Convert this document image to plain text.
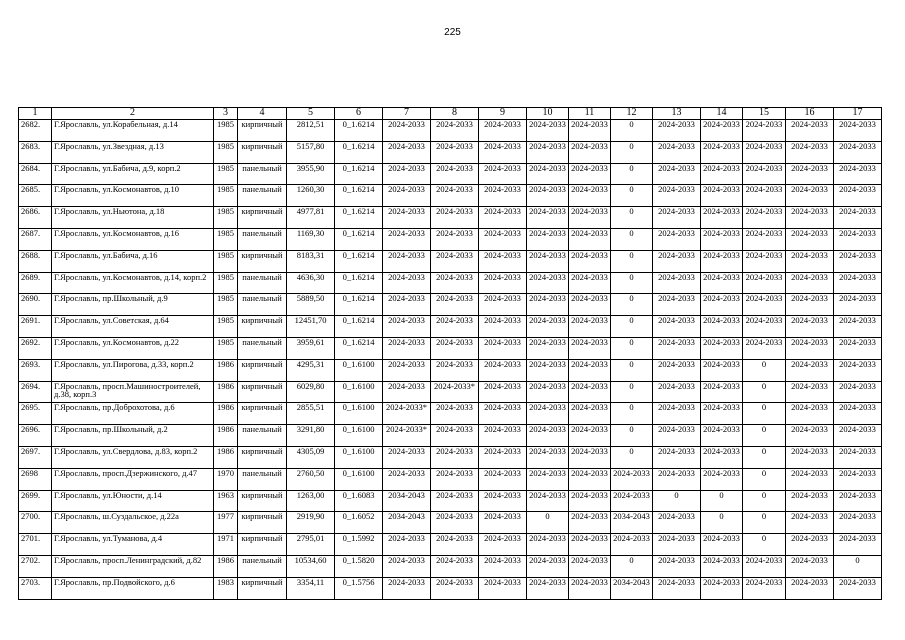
225
1	2	3	4	5	6	7	8	9	10	11	12	13	14	15	16	17
2682.	Г.Ярославль, ул.Корабельная, д.14	1985	кирпичный	2812,51	0_1.6214	2024-2033	2024-2033	2024-2033	2024-2033	2024-2033	0	2024-2033	2024-2033	2024-2033	2024-2033	2024-2033
2683.	Г.Ярославль, ул.Звездная, д.13	1985	кирпичный	5157,80	0_1.6214	2024-2033	2024-2033	2024-2033	2024-2033	2024-2033	0	2024-2033	2024-2033	2024-2033	2024-2033	2024-2033
2684.	Г.Ярославль, ул.Бабича, д.9, корп.2	1985	панельный	3955,90	0_1.6214	2024-2033	2024-2033	2024-2033	2024-2033	2024-2033	0	2024-2033	2024-2033	2024-2033	2024-2033	2024-2033
2685.	Г.Ярославль, ул.Космонавтов, д.10	1985	панельный	1260,30	0_1.6214	2024-2033	2024-2033	2024-2033	2024-2033	2024-2033	0	2024-2033	2024-2033	2024-2033	2024-2033	2024-2033
2686.	Г.Ярославль, ул.Ньютона, д.18	1985	кирпичный	4977,81	0_1.6214	2024-2033	2024-2033	2024-2033	2024-2033	2024-2033	0	2024-2033	2024-2033	2024-2033	2024-2033	2024-2033
2687.	Г.Ярославль, ул.Космонавтов, д.16	1985	панельный	1169,30	0_1.6214	2024-2033	2024-2033	2024-2033	2024-2033	2024-2033	0	2024-2033	2024-2033	2024-2033	2024-2033	2024-2033
2688.	Г.Ярославль, ул.Бабича, д.16	1985	кирпичный	8183,31	0_1.6214	2024-2033	2024-2033	2024-2033	2024-2033	2024-2033	0	2024-2033	2024-2033	2024-2033	2024-2033	2024-2033
2689.	Г.Ярославль, ул.Космонавтов, д.14, корп.2	1985	панельный	4636,30	0_1.6214	2024-2033	2024-2033	2024-2033	2024-2033	2024-2033	0	2024-2033	2024-2033	2024-2033	2024-2033	2024-2033
2690.	Г.Ярославль, пр.Школьный, д.9	1985	панельный	5889,50	0_1.6214	2024-2033	2024-2033	2024-2033	2024-2033	2024-2033	0	2024-2033	2024-2033	2024-2033	2024-2033	2024-2033
2691.	Г.Ярославль, ул.Советская, д.64	1985	кирпичный	12451,70	0_1.6214	2024-2033	2024-2033	2024-2033	2024-2033	2024-2033	0	2024-2033	2024-2033	2024-2033	2024-2033	2024-2033
2692.	Г.Ярославль, ул.Космонавтов, д.22	1985	панельный	3959,61	0_1.6214	2024-2033	2024-2033	2024-2033	2024-2033	2024-2033	0	2024-2033	2024-2033	2024-2033	2024-2033	2024-2033
2693.	Г.Ярославль, ул.Пирогова, д.33, корп.2	1986	кирпичный	4295,31	0_1.6100	2024-2033	2024-2033	2024-2033	2024-2033	2024-2033	0	2024-2033	2024-2033	0	2024-2033	2024-2033
2694.	Г.Ярославль, просп.Машиностроителей, д.38, корп.3	1986	кирпичный	6029,80	0_1.6100	2024-2033	2024-2033*	2024-2033	2024-2033	2024-2033	0	2024-2033	2024-2033	0	2024-2033	2024-2033
2695.	Г.Ярославль, пр.Доброхотова, д.6	1986	кирпичный	2855,51	0_1.6100	2024-2033*	2024-2033	2024-2033	2024-2033	2024-2033	0	2024-2033	2024-2033	0	2024-2033	2024-2033
2696.	Г.Ярославль, пр.Школьный, д.2	1986	панельный	3291,80	0_1.6100	2024-2033*	2024-2033	2024-2033	2024-2033	2024-2033	0	2024-2033	2024-2033	0	2024-2033	2024-2033
2697.	Г.Ярославль, ул.Свердлова, д.83, корп.2	1986	кирпичный	4305,09	0_1.6100	2024-2033	2024-2033	2024-2033	2024-2033	2024-2033	0	2024-2033	2024-2033	0	2024-2033	2024-2033
2698	Г.Ярославль, просп.Дзержинского, д.47	1970	панельный	2760,50	0_1.6100	2024-2033	2024-2033	2024-2033	2024-2033	2024-2033	2024-2033	2024-2033	2024-2033	0	2024-2033	2024-2033
2699.	Г.Ярославль, ул.Юности, д.14	1963	кирпичный	1263,00	0_1.6083	2034-2043	2024-2033	2024-2033	2024-2033	2024-2033	2024-2033	0	0	0	2024-2033	2024-2033
2700.	Г.Ярославль, ш.Суздальское, д.22а	1977	кирпичный	2919,90	0_1.6052	2034-2043	2024-2033	2024-2033	0	2024-2033	2034-2043	2024-2033	0	0	2024-2033	2024-2033
2701.	Г.Ярославль, ул.Туманова, д.4	1971	кирпичный	2795,01	0_1.5992	2024-2033	2024-2033	2024-2033	2024-2033	2024-2033	2024-2033	2024-2033	2024-2033	0	2024-2033	2024-2033
2702.	Г.Ярославль, просп.Ленинградский, д.82	1986	панельный	10534,60	0_1.5820	2024-2033	2024-2033	2024-2033	2024-2033	2024-2033	0	2024-2033	2024-2033	2024-2033	2024-2033	0
2703.	Г.Ярославль, пр.Подвойского, д.6	1983	кирпичный	3354,11	0_1.5756	2024-2033	2024-2033	2024-2033	2024-2033	2024-2033	2034-2043	2024-2033	2024-2033	2024-2033	2024-2033	2024-2033
